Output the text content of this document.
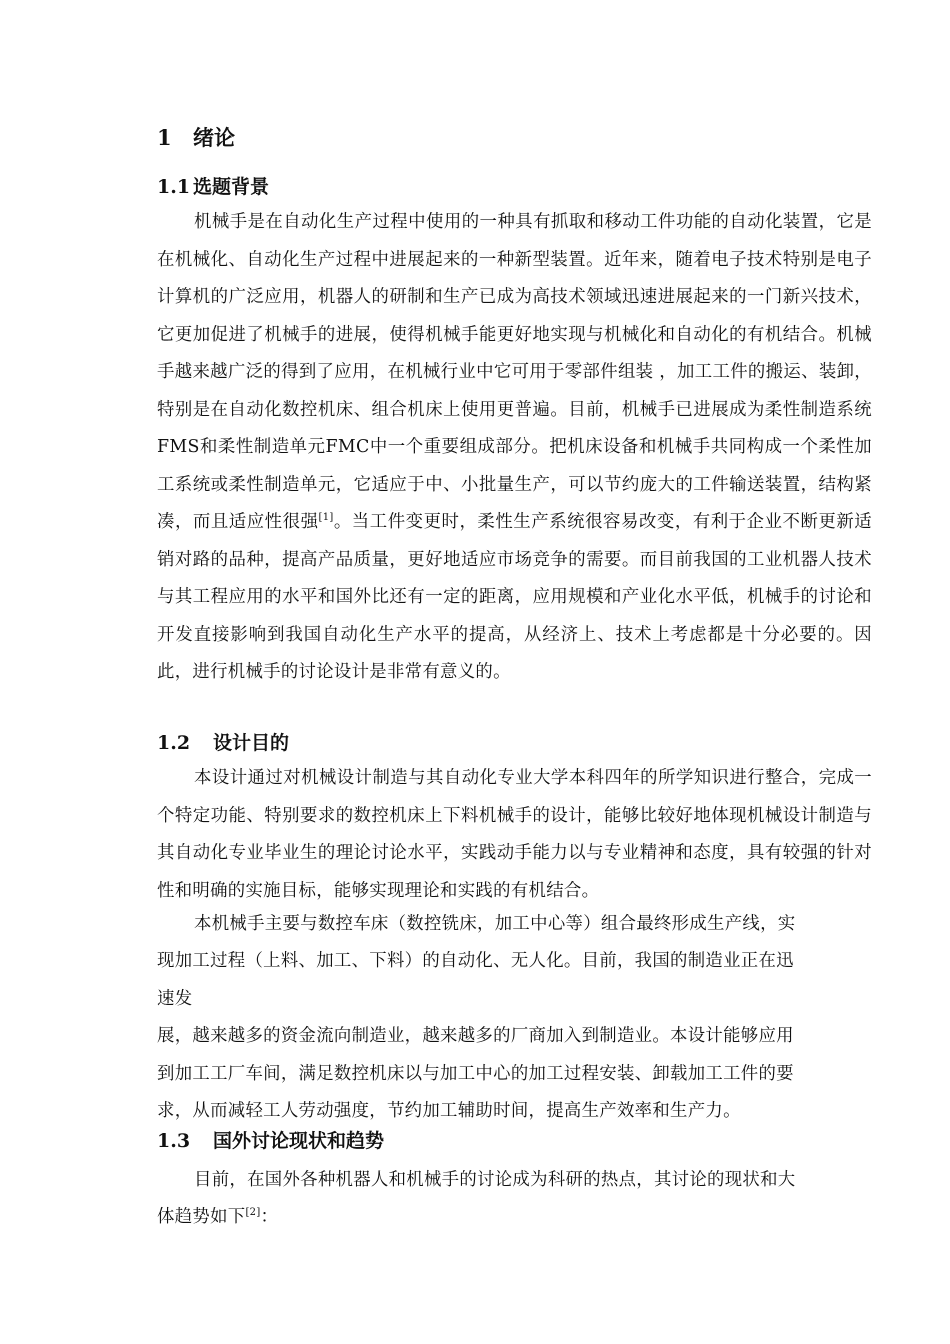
1 绪论
1.1 选题背景

机械手是在自动化生产过程中使用的一种具有抓取和移动工件功能的自动化装置，它是在机械化、自动化生产过程中进展起来的一种新型装置。近年来，随着电子技术特别是电子计算机的广泛应用，机器人的研制和生产已成为高技术领域迅速进展起来的一门新兴技术，它更加促进了机械手的进展，使得机械手能更好地实现与机械化和自动化的有机结合。机械手越来越广泛的得到了应用，在机械行业中它可用于零部件组装 ，加工工件的搬运、装卸，特别是在自动化数控机床、组合机床上使用更普遍。目前，机械手已进展成为柔性制造系统FMS和柔性制造单元FMC中一个重要组成部分。把机床设备和机械手共同构成一个柔性加工系统或柔性制造单元，它适应于中、小批量生产，可以节约庞大的工件输送装置，结构紧凑，而且适应性很强[1]。当工件变更时，柔性生产系统很容易改变，有利于企业不断更新适销对路的品种，提高产品质量，更好地适应市场竞争的需要。而目前我国的工业机器人技术与其工程应用的水平和国外比还有一定的距离，应用规模和产业化水平低，机械手的讨论和开发直接影响到我国自动化生产水平的提高，从经济上、技术上考虑都是十分必要的。因此，进行机械手的讨论设计是非常有意义的。

1.2 设计目的

本设计通过对机械设计制造与其自动化专业大学本科四年的所学知识进行整合，完成一个特定功能、特别要求的数控机床上下料机械手的设计，能够比较好地体现机械设计制造与其自动化专业毕业生的理论讨论水平，实践动手能力以与专业精神和态度，具有较强的针对性和明确的实施目标，能够实现理论和实践的有机结合。

本机械手主要与数控车床（数控铣床，加工中心等）组合最终形成生产线，实

现加工过程（上料、加工、下料）的自动化、无人化。目前，我国的制造业正在迅

速发

展，越来越多的资金流向制造业，越来越多的厂商加入到制造业。本设计能够应用

到加工工厂车间，满足数控机床以与加工中心的加工过程安装、卸载加工工件的要

求，从而减轻工人劳动强度，节约加工辅助时间，提高生产效率和生产力。

1.3 国外讨论现状和趋势

目前，在国外各种机器人和机械手的讨论成为科研的热点，其讨论的现状和大

体趋势如下[2]：
